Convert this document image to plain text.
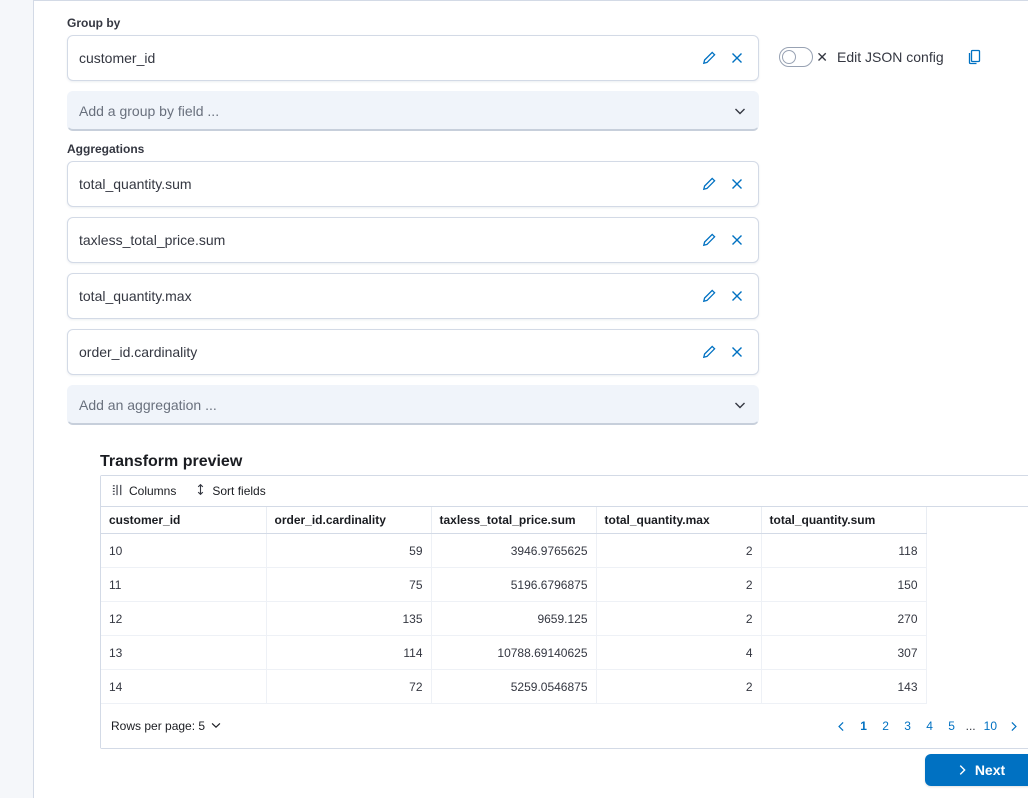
Group by
customer_id
Add a group by field ...
Aggregations
total_quantity.sum
taxless_total_price.sum
total_quantity.max
order_id.cardinality
Add an aggregation ...
✕ Edit JSON config
Transform preview
Columns	Sort fields
customer_id	order_id.cardinality	taxless_total_price.sum	total_quantity.max	total_quantity.sum
10	59	3946.9765625	2	118
11	75	5196.6796875	2	150
12	135	9659.125	2	270
13	114	10788.69140625	4	307
14	72	5259.0546875	2	143
Rows per page: 5	1	2	3	4	5 ... 10
Next
